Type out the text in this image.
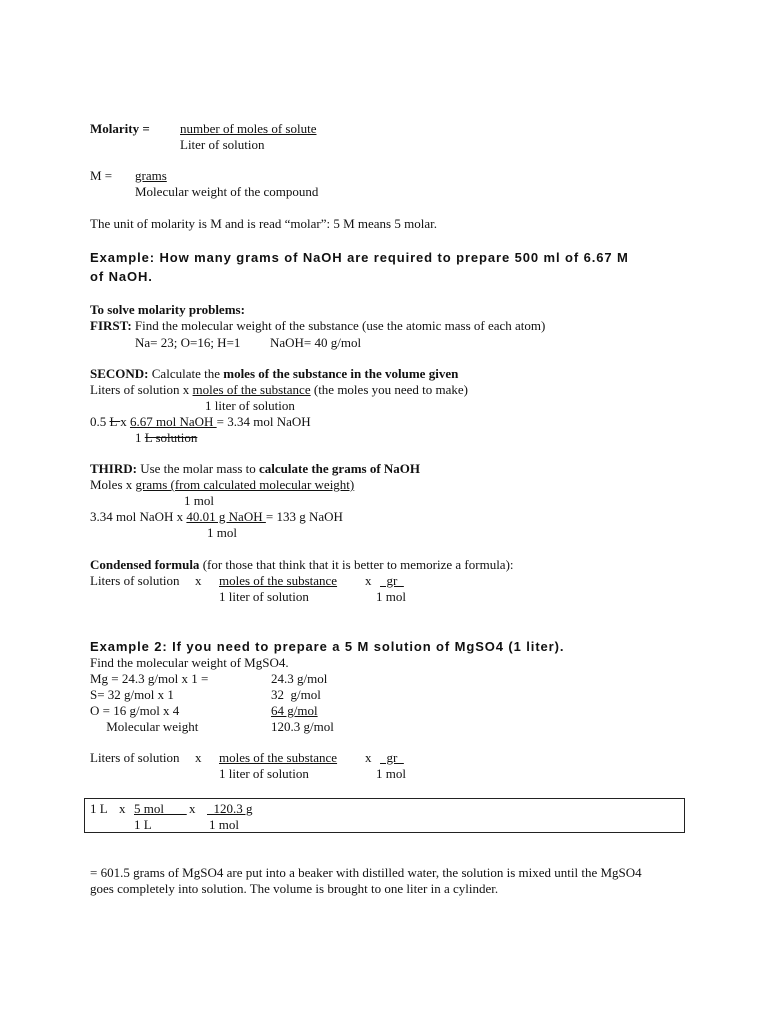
Molarity = number of moles of solute
Liter of solution
M = grams
Molecular weight of the compound
The unit of molarity is M and is read “molar”: 5 M means 5 molar.
Example: How many grams of NaOH are required to prepare 500 ml of 6.67 M
of NaOH.
To solve molarity problems:
FIRST: Find the molecular weight of the substance (use the atomic mass of each atom)
Na= 23; O=16; H=1 NaOH= 40 g/mol
SECOND: Calculate the moles of the substance in the volume given
Liters of solution x moles of the substance (the moles you need to make)
1 liter of solution
0.5 L x 6.67 mol NaOH = 3.34 mol NaOH
1 L solution
THIRD: Use the molar mass to calculate the grams of NaOH
Moles x grams (from calculated molecular weight)
1 mol
3.34 mol NaOH x 40.01 g NaOH = 133 g NaOH
1 mol
Condensed formula (for those that think that it is better to memorize a formula):
Liters of solution x moles of the substance x gr
1 liter of solution	1 mol
Example 2: If you need to prepare a 5 M solution of MgSO4 (1 liter).
Find the molecular weight of MgSO4.
Mg = 24.3 g/mol x 1 =	24.3 g/mol
S= 32 g/mol x 1	32  g/mol
O = 16 g/mol x 4	64 g/mol
Molecular weight	120.3 g/mol
Liters of solution x moles of the substance x gr
1 liter of solution	1 mol
1 L x 5 mol x 120.3 g
1 L	1 mol
= 601.5 grams of MgSO4 are put into a beaker with distilled water, the solution is mixed until the MgSO4
goes completely into solution. The volume is brought to one liter in a cylinder.
